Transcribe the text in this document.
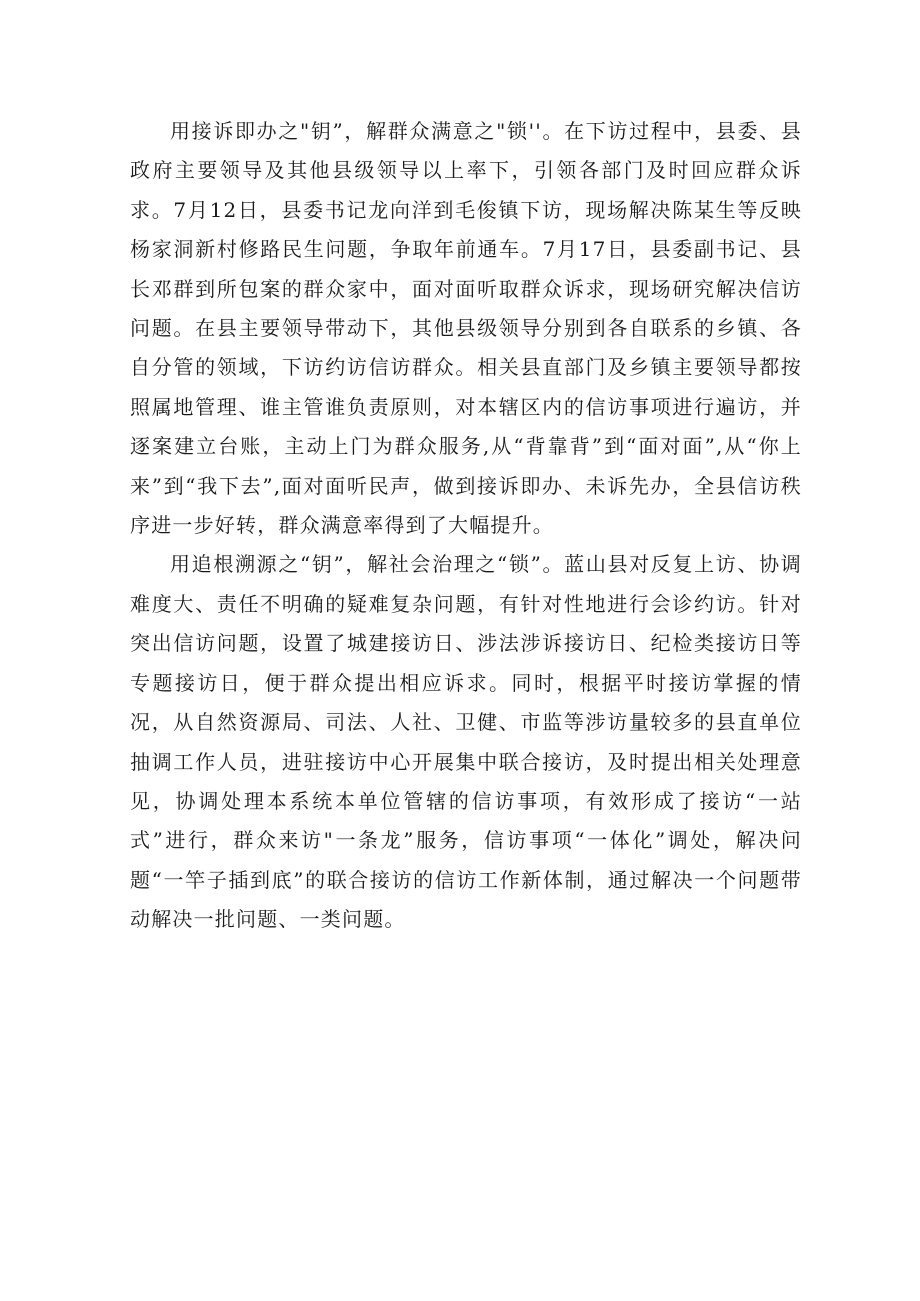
用接诉即办之"钥”，解群众满意之"锁''。在下访过程中，县委、县政府主要领导及其他县级领导以上率下，引领各部门及时回应群众诉求。7月12日，县委书记龙向洋到毛俊镇下访，现场解决陈某生等反映杨家洞新村修路民生问题，争取年前通车。7月17日，县委副书记、县长邓群到所包案的群众家中，面对面听取群众诉求，现场研究解决信访问题。在县主要领导带动下，其他县级领导分别到各自联系的乡镇、各自分管的领域，下访约访信访群众。相关县直部门及乡镇主要领导都按照属地管理、谁主管谁负责原则，对本辖区内的信访事项进行遍访，并逐案建立台账，主动上门为群众服务,从“背靠背”到“面对面”,从“你上来”到“我下去”,面对面听民声，做到接诉即办、未诉先办，全县信访秩序进一步好转，群众满意率得到了大幅提升。

用追根溯源之“钥”，解社会治理之“锁”。蓝山县对反复上访、协调难度大、责任不明确的疑难复杂问题，有针对性地进行会诊约访。针对突出信访问题，设置了城建接访日、涉法涉诉接访日、纪检类接访日等专题接访日，便于群众提出相应诉求。同时，根据平时接访掌握的情况，从自然资源局、司法、人社、卫健、市监等涉访量较多的县直单位抽调工作人员，进驻接访中心开展集中联合接访，及时提出相关处理意见，协调处理本系统本单位管辖的信访事项，有效形成了接访“一站式”进行，群众来访"一条龙”服务，信访事项“一体化”调处，解决问题“一竿子插到底”的联合接访的信访工作新体制，通过解决一个问题带动解决一批问题、一类问题。
